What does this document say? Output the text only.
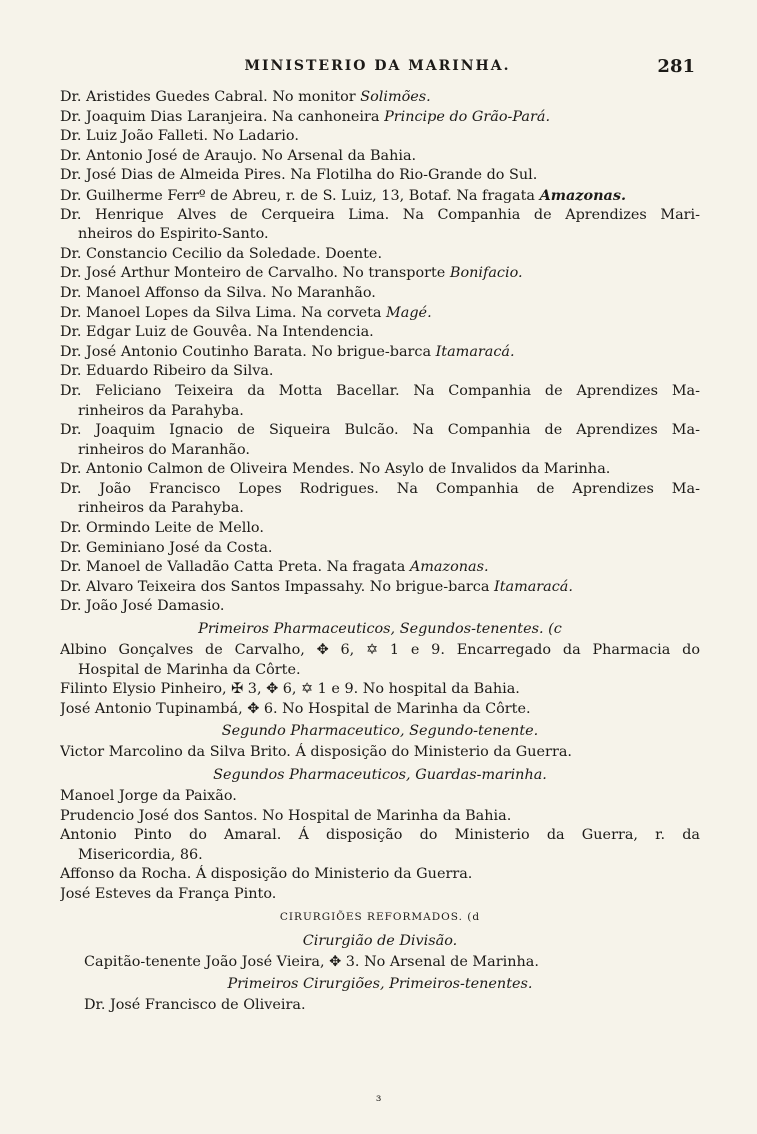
MINISTERIO DA MARINHA.	281
Dr. Aristides Guedes Cabral. No monitor Solimões.
Dr. Joaquim Dias Laranjeira. Na canhoneira Principe do Grão-Pará.
Dr. Luiz João Falleti. No Ladario.
Dr. Antonio José de Araujo. No Arsenal da Bahia.
Dr. José Dias de Almeida Pires. Na Flotilha do Rio-Grande do Sul.
Dr. Guilherme Ferrº de Abreu, r. de S. Luiz, 13, Botaf. Na fragata Amazonas.
Dr. Henrique Alves de Cerqueira Lima. Na Companhia de Aprendizes Mari-
nheiros do Espirito-Santo.
Dr. Constancio Cecilio da Soledade. Doente.
Dr. José Arthur Monteiro de Carvalho. No transporte Bonifacio.
Dr. Manoel Affonso da Silva. No Maranhão.
Dr. Manoel Lopes da Silva Lima. Na corveta Magé.
Dr. Edgar Luiz de Gouvêa. Na Intendencia.
Dr. José Antonio Coutinho Barata. No brigue-barca Itamaracá.
Dr. Eduardo Ribeiro da Silva.
Dr. Feliciano Teixeira da Motta Bacellar. Na Companhia de Aprendizes Ma-
rinheiros da Parahyba.
Dr. Joaquim Ignacio de Siqueira Bulcão. Na Companhia de Aprendizes Ma-
rinheiros do Maranhão.
Dr. Antonio Calmon de Oliveira Mendes. No Asylo de Invalidos da Marinha.
Dr. João Francisco Lopes Rodrigues. Na Companhia de Aprendizes Ma-
rinheiros da Parahyba.
Dr. Ormindo Leite de Mello.
Dr. Geminiano José da Costa.
Dr. Manoel de Valladão Catta Preta. Na fragata Amazonas.
Dr. Alvaro Teixeira dos Santos Impassahy. No brigue-barca Itamaracá.
Dr. João José Damasio.
Primeiros Pharmaceuticos, Segundos-tenentes. (c
Albino Gonçalves de Carvalho, ✥ 6, ✡ 1 e 9. Encarregado da Pharmacia do
Hospital de Marinha da Côrte.
Filinto Elysio Pinheiro, ✠ 3, ✥ 6, ✡ 1 e 9. No hospital da Bahia.
José Antonio Tupinambá, ✥ 6. No Hospital de Marinha da Côrte.
Segundo Pharmaceutico, Segundo-tenente.
Victor Marcolino da Silva Brito. Á disposição do Ministerio da Guerra.
Segundos Pharmaceuticos, Guardas-marinha.
Manoel Jorge da Paixão.
Prudencio José dos Santos. No Hospital de Marinha da Bahia.
Antonio Pinto do Amaral. Á disposição do Ministerio da Guerra, r. da
Misericordia, 86.
Affonso da Rocha. Á disposição do Ministerio da Guerra.
José Esteves da França Pinto.
CIRURGIÕES REFORMADOS. (d
Cirurgião de Divisão.
Capitão-tenente João José Vieira, ✥ 3. No Arsenal de Marinha.
Primeiros Cirurgiões, Primeiros-tenentes.
Dr. José Francisco de Oliveira.
ɜ
